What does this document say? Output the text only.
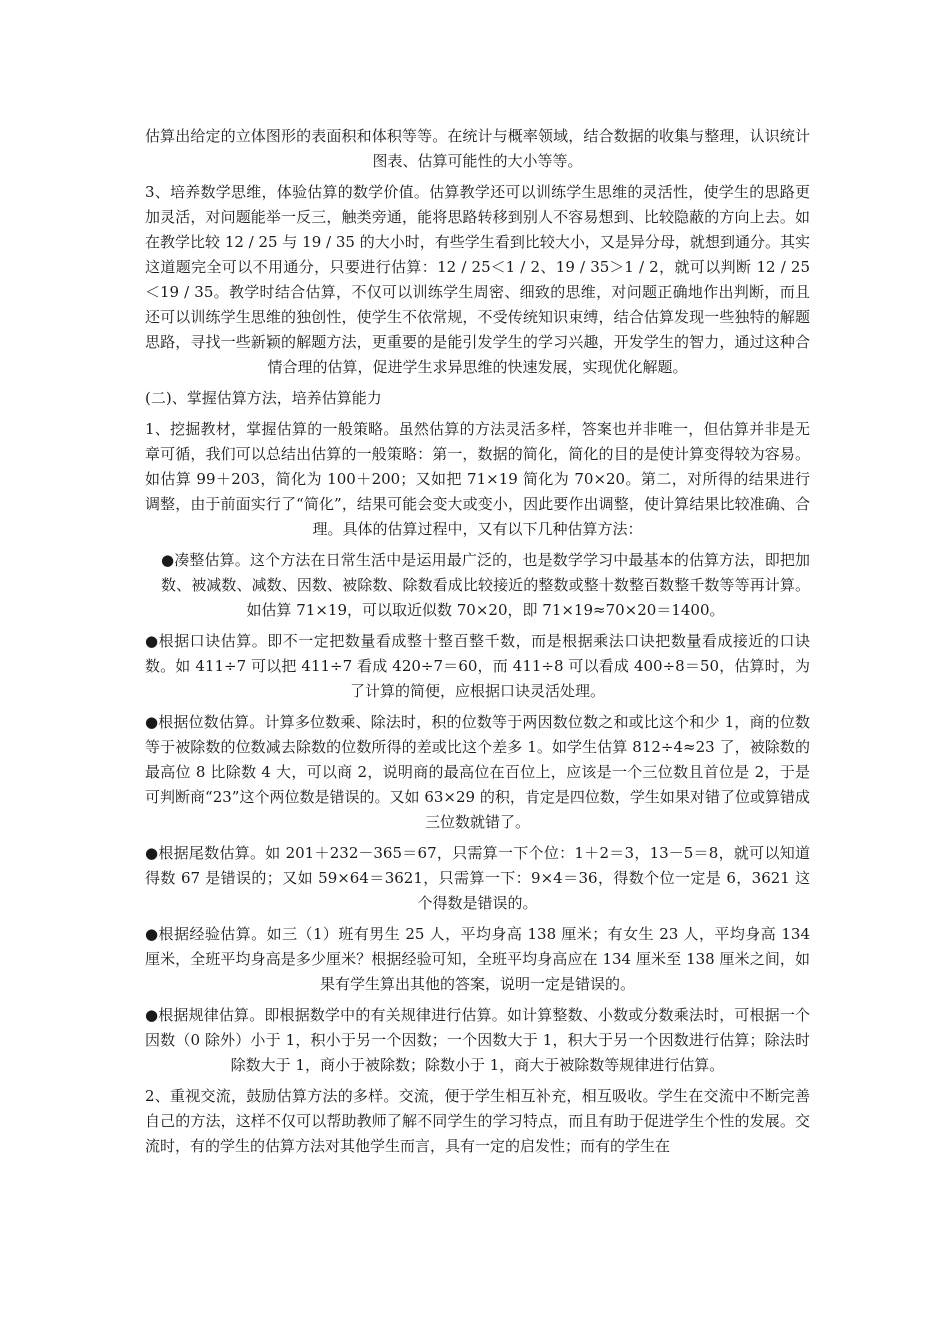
估算出给定的立体图形的表面积和体积等等。在统计与概率领域，结合数据的收集与整理，认识统计图表、估算可能性的大小等等。

3、培养数学思维，体验估算的数学价值。估算教学还可以训练学生思维的灵活性，使学生的思路更加灵活，对问题能举一反三，触类旁通，能将思路转移到别人不容易想到、比较隐蔽的方向上去。如在教学比较 12 / 25 与 19 / 35 的大小时，有些学生看到比较大小，又是异分母，就想到通分。其实这道题完全可以不用通分，只要进行估算：12 / 25＜1 / 2、19 / 35＞1 / 2，就可以判断 12 / 25＜19 / 35。教学时结合估算，不仅可以训练学生周密、细致的思维，对问题正确地作出判断，而且还可以训练学生思维的独创性，使学生不依常规，不受传统知识束缚，结合估算发现一些独特的解题思路，寻找一些新颖的解题方法，更重要的是能引发学生的学习兴趣，开发学生的智力，通过这种合情合理的估算，促进学生求异思维的快速发展，实现优化解题。

(二)、掌握估算方法，培养估算能力

1、挖掘教材，掌握估算的一般策略。虽然估算的方法灵活多样，答案也并非唯一，但估算并非是无章可循，我们可以总结出估算的一般策略：第一，数据的简化，简化的目的是使计算变得较为容易。如估算 99＋203，简化为 100＋200；又如把 71×19 简化为 70×20。第二，对所得的结果进行调整，由于前面实行了“简化”，结果可能会变大或变小，因此要作出调整，使计算结果比较准确、合理。具体的估算过程中，又有以下几种估算方法：

●凑整估算。这个方法在日常生活中是运用最广泛的，也是数学学习中最基本的估算方法，即把加数、被减数、减数、因数、被除数、除数看成比较接近的整数或整十数整百数整千数等等再计算。如估算 71×19，可以取近似数 70×20，即 71×19≈70×20＝1400。

●根据口诀估算。即不一定把数量看成整十整百整千数，而是根据乘法口诀把数量看成接近的口诀数。如 411÷7 可以把 411÷7 看成 420÷7＝60，而 411÷8 可以看成 400÷8＝50，估算时，为了计算的简便，应根据口诀灵活处理。

●根据位数估算。计算多位数乘、除法时，积的位数等于两因数位数之和或比这个和少 1，商的位数等于被除数的位数减去除数的位数所得的差或比这个差多 1。如学生估算 812÷4≈23 了，被除数的最高位 8 比除数 4 大，可以商 2，说明商的最高位在百位上，应该是一个三位数且首位是 2，于是可判断商“23”这个两位数是错误的。又如 63×29 的积，肯定是四位数，学生如果对错了位或算错成三位数就错了。

●根据尾数估算。如 201＋232－365＝67，只需算一下个位：1＋2＝3，13－5＝8，就可以知道得数 67 是错误的；又如 59×64＝3621，只需算一下：9×4＝36，得数个位一定是 6，3621 这个得数是错误的。

●根据经验估算。如三（1）班有男生 25 人，平均身高 138 厘米；有女生 23 人，平均身高 134 厘米，全班平均身高是多少厘米？根据经验可知，全班平均身高应在 134 厘米至 138 厘米之间，如果有学生算出其他的答案，说明一定是错误的。

●根据规律估算。即根据数学中的有关规律进行估算。如计算整数、小数或分数乘法时，可根据一个因数（0 除外）小于 1，积小于另一个因数；一个因数大于 1，积大于另一个因数进行估算；除法时除数大于 1，商小于被除数；除数小于 1，商大于被除数等规律进行估算。

2、重视交流，鼓励估算方法的多样。交流，便于学生相互补充，相互吸收。学生在交流中不断完善自己的方法，这样不仅可以帮助教师了解不同学生的学习特点，而且有助于促进学生个性的发展。交流时，有的学生的估算方法对其他学生而言，具有一定的启发性；而有的学生在
